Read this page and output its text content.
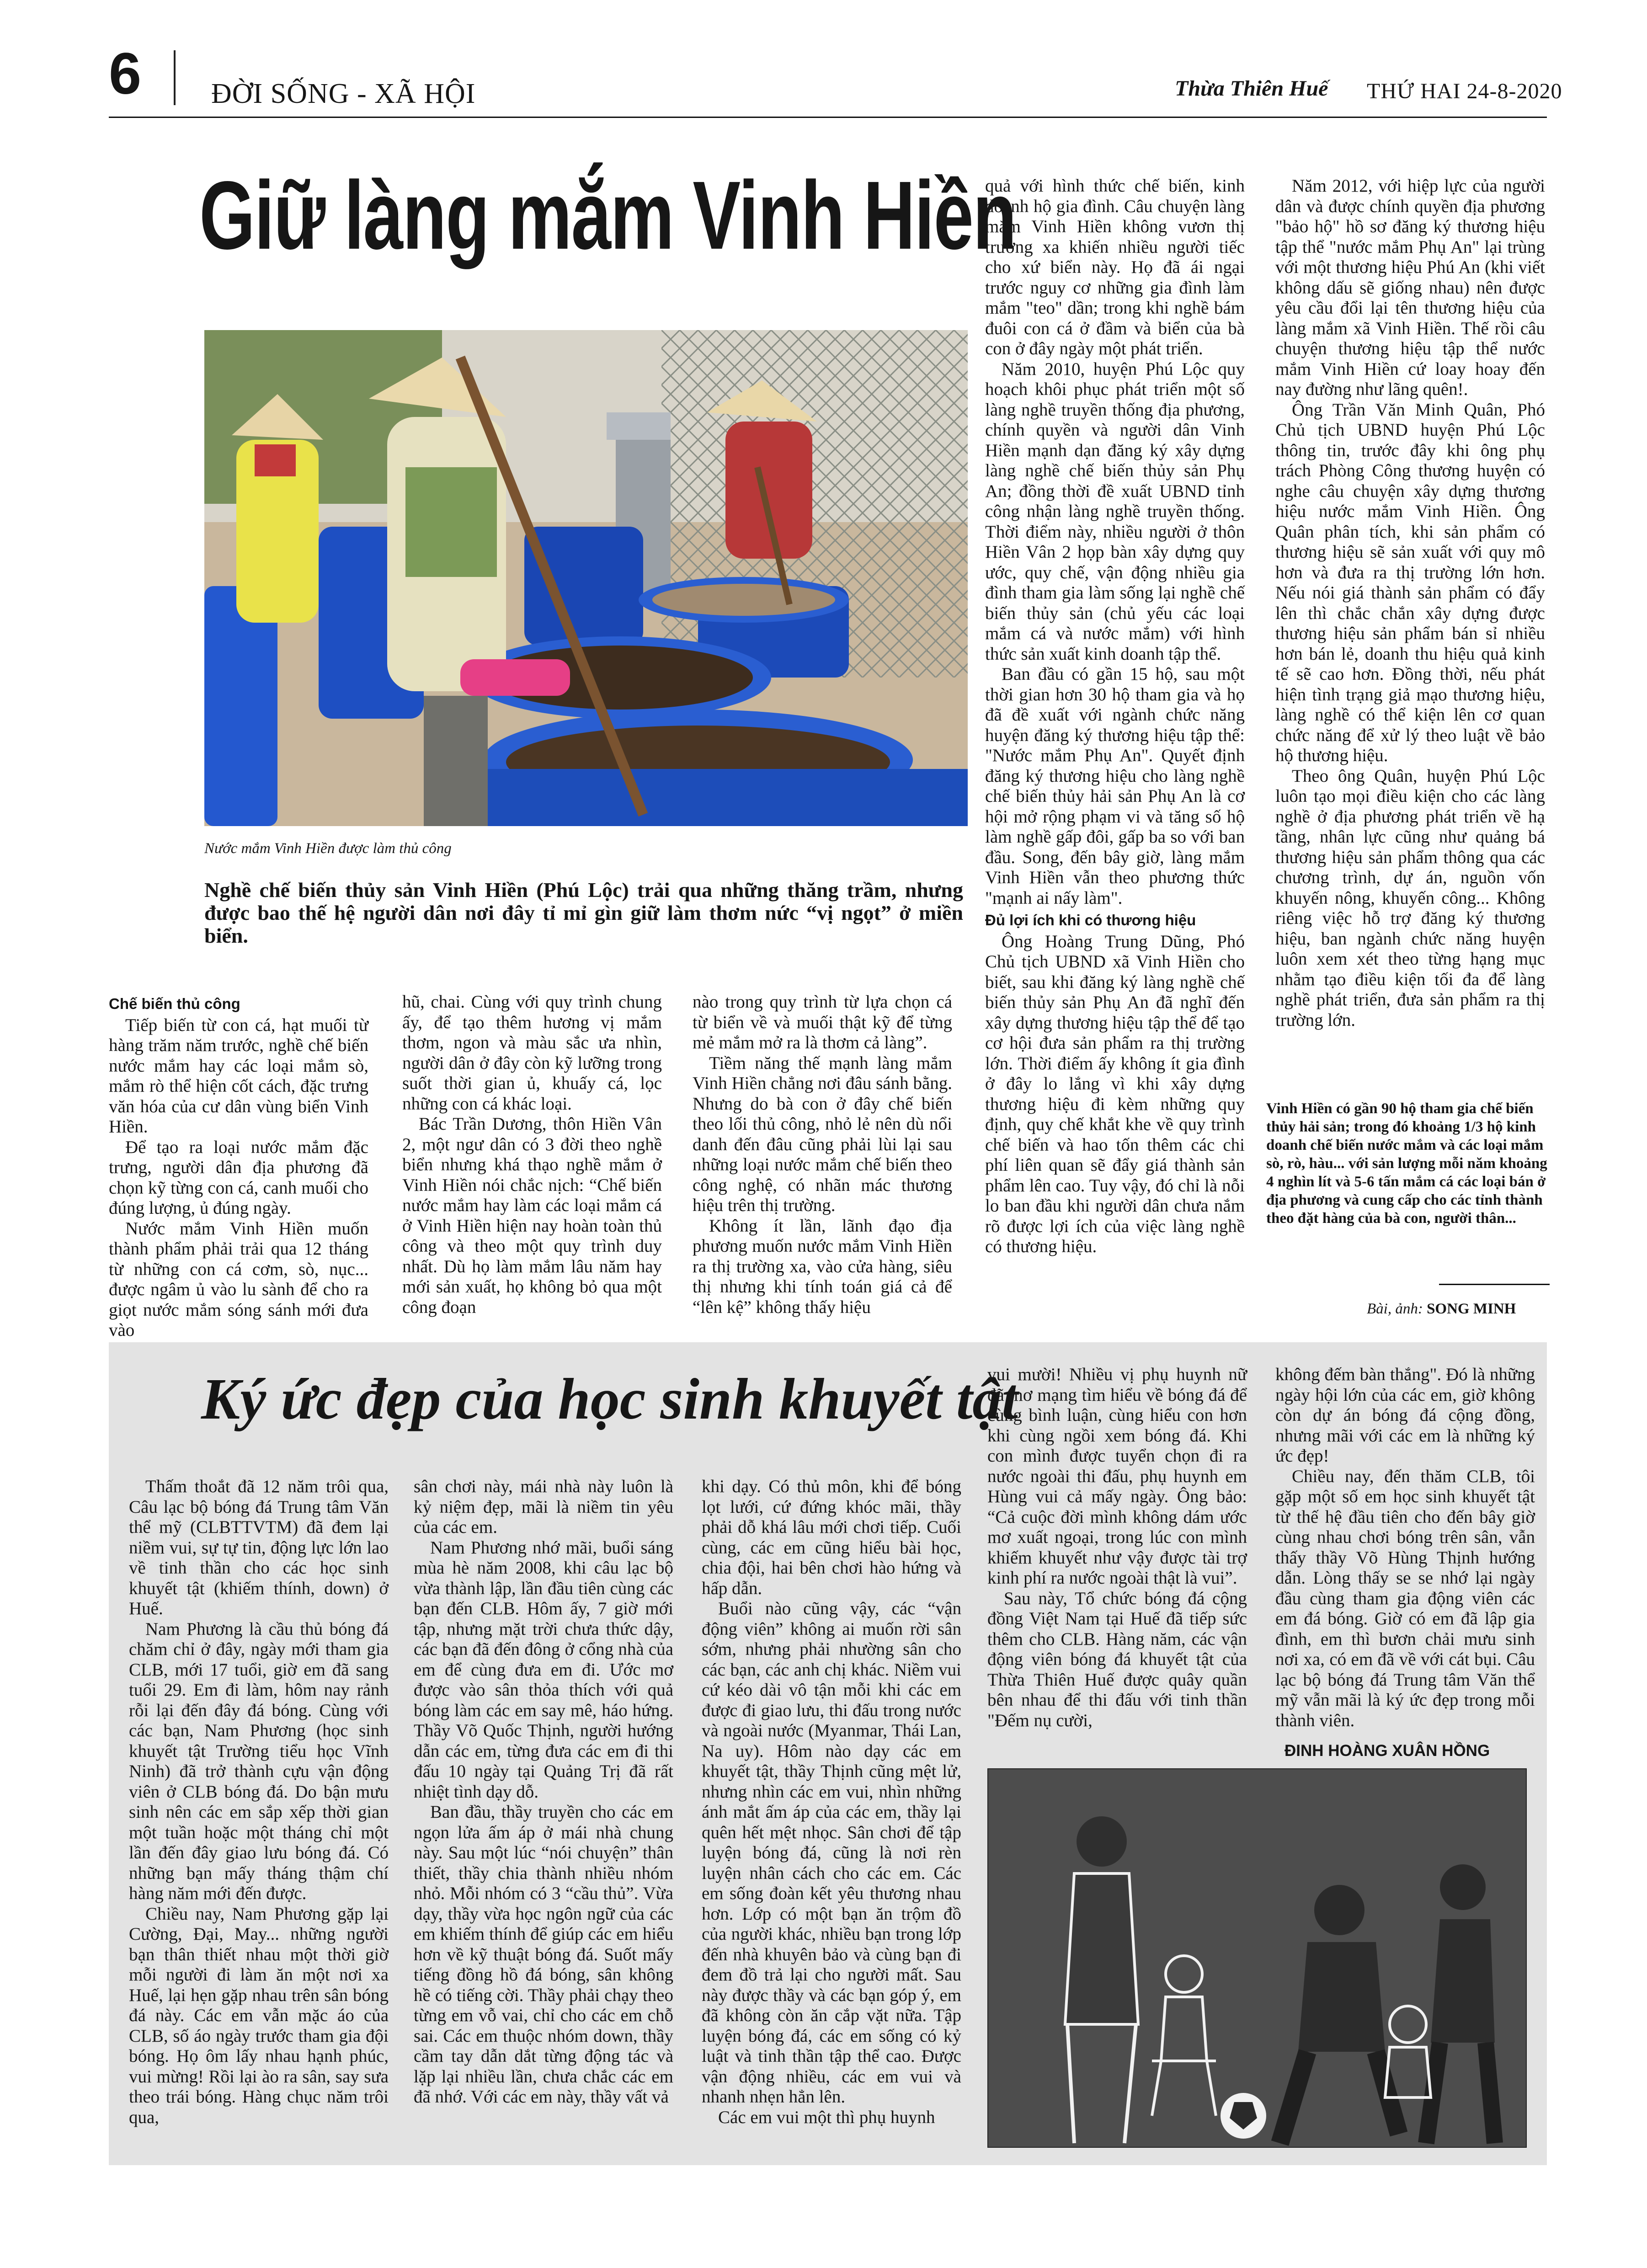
6 ĐỜI SỐNG - XÃ HỘI	Thừa Thiên Huế THỨ HAI 24-8-2020
Giữ làng mắm Vinh Hiền
Nước mắm Vinh Hiền được làm thủ công
Nghề chế biến thủy sản Vinh Hiền (Phú Lộc) trải qua những thăng trầm, nhưng được bao thế hệ người dân nơi đây tỉ mỉ gìn giữ làm thơm nức “vị ngọt” ở miền biển.

Chế biến thủ công

Tiếp biến từ con cá, hạt muối từ hàng trăm năm trước, nghề chế biến nước mắm hay các loại mắm sò, mắm rò thể hiện cốt cách, đặc trưng văn hóa của cư dân vùng biển Vinh Hiền.

Để tạo ra loại nước mắm đặc trưng, người dân địa phương đã chọn kỹ từng con cá, canh muối cho đúng lượng, ủ đúng ngày.

Nước mắm Vinh Hiền muốn thành phẩm phải trải qua 12 tháng từ những con cá cơm, sò, nục... được ngâm ủ vào lu sành để cho ra giọt nước mắm sóng sánh mới đưa vào

hũ, chai. Cùng với quy trình chung ấy, để tạo thêm hương vị mắm thơm, ngon và màu sắc ưa nhìn, người dân ở đây còn kỹ lưỡng trong suốt thời gian ủ, khuấy cá, lọc những con cá khác loại.

Bác Trần Dương, thôn Hiền Vân 2, một ngư dân có 3 đời theo nghề biển nhưng khá thạo nghề mắm ở Vinh Hiền nói chắc nịch: “Chế biến nước mắm hay làm các loại mắm cá ở Vinh Hiền hiện nay hoàn toàn thủ công và theo một quy trình duy nhất. Dù họ làm mắm lâu năm hay mới sản xuất, họ không bỏ qua một công đoạn

nào trong quy trình từ lựa chọn cá từ biển về và muối thật kỹ để từng mẻ mắm mở ra là thơm cả làng”.

Tiềm năng thế mạnh làng mắm Vinh Hiền chẳng nơi đâu sánh bằng. Nhưng do bà con ở đây chế biến theo lối thủ công, nhỏ lẻ nên dù nổi danh đến đâu cũng phải lùi lại sau những loại nước mắm chế biến theo công nghệ, có nhãn mác thương hiệu trên thị trường.

Không ít lần, lãnh đạo địa phương muốn nước mắm Vinh Hiền ra thị trường xa, vào cửa hàng, siêu thị nhưng khi tính toán giá cả để “lên kệ” không thấy hiệu

quả với hình thức chế biến, kinh doanh hộ gia đình. Câu chuyện làng mắm Vinh Hiền không vươn thị trường xa khiến nhiều người tiếc cho xứ biển này. Họ đã ái ngại trước nguy cơ những gia đình làm mắm "teo" dần; trong khi nghề bám đuôi con cá ở đầm và biển của bà con ở đây ngày một phát triển.

Năm 2010, huyện Phú Lộc quy hoạch khôi phục phát triển một số làng nghề truyền thống địa phương, chính quyền và người dân Vinh Hiền mạnh dạn đăng ký xây dựng làng nghề chế biến thủy sản Phụ An; đồng thời đề xuất UBND tỉnh công nhận làng nghề truyền thống. Thời điểm này, nhiều người ở thôn Hiền Vân 2 họp bàn xây dựng quy ước, quy chế, vận động nhiều gia đình tham gia làm sống lại nghề chế biến thủy sản (chủ yếu các loại mắm cá và nước mắm) với hình thức sản xuất kinh doanh tập thể.

Ban đầu có gần 15 hộ, sau một thời gian hơn 30 hộ tham gia và họ đã đề xuất với ngành chức năng huyện đăng ký thương hiệu tập thể: "Nước mắm Phụ An". Quyết định đăng ký thương hiệu cho làng nghề chế biến thủy hải sản Phụ An là cơ hội mở rộng phạm vi và tăng số hộ làm nghề gấp đôi, gấp ba so với ban đầu. Song, đến bây giờ, làng mắm Vinh Hiền vẫn theo phương thức "mạnh ai nấy làm".

Đủ lợi ích khi có thương hiệu

Ông Hoàng Trung Dũng, Phó Chủ tịch UBND xã Vinh Hiền cho biết, sau khi đăng ký làng nghề chế biến thủy sản Phụ An đã nghĩ đến xây dựng thương hiệu tập thể để tạo cơ hội đưa sản phẩm ra thị trường lớn. Thời điểm ấy không ít gia đình ở đây lo lắng vì khi xây dựng thương hiệu đi kèm những quy định, quy chế khắt khe về quy trình chế biến và hao tốn thêm các chi phí liên quan sẽ đẩy giá thành sản phẩm lên cao. Tuy vậy, đó chỉ là nỗi lo ban đầu khi người dân chưa nắm rõ được lợi ích của việc làng nghề có thương hiệu.

Năm 2012, với hiệp lực của người dân và được chính quyền địa phương "bảo hộ" hồ sơ đăng ký thương hiệu tập thể "nước mắm Phụ An" lại trùng với một thương hiệu Phú An (khi viết không dấu sẽ giống nhau) nên được yêu cầu đổi lại tên thương hiệu của làng mắm xã Vinh Hiền. Thế rồi câu chuyện thương hiệu tập thể nước mắm Vinh Hiền cứ loay hoay đến nay đường như lãng quên!.

Ông Trần Văn Minh Quân, Phó Chủ tịch UBND huyện Phú Lộc thông tin, trước đây khi ông phụ trách Phòng Công thương huyện có nghe câu chuyện xây dựng thương hiệu nước mắm Vinh Hiền. Ông Quân phân tích, khi sản phẩm có thương hiệu sẽ sản xuất với quy mô hơn và đưa ra thị trường lớn hơn. Nếu nói giá thành sản phẩm có đẩy lên thì chắc chắn xây dựng được thương hiệu sản phẩm bán sỉ nhiều hơn bán lẻ, doanh thu hiệu quả kinh tế sẽ cao hơn. Đồng thời, nếu phát hiện tình trạng giả mạo thương hiệu, làng nghề có thể kiện lên cơ quan chức năng để xử lý theo luật về bảo hộ thương hiệu.

Theo ông Quân, huyện Phú Lộc luôn tạo mọi điều kiện cho các làng nghề ở địa phương phát triển về hạ tầng, nhân lực cũng như quảng bá thương hiệu sản phẩm thông qua các chương trình, dự án, nguồn vốn khuyến nông, khuyến công... Không riêng việc hỗ trợ đăng ký thương hiệu, ban ngành chức năng huyện luôn xem xét theo từng hạng mục nhằm tạo điều kiện tối đa để làng nghề phát triển, đưa sản phẩm ra thị trường lớn.

Vinh Hiền có gần 90 hộ tham gia chế biến thủy hải sản; trong đó khoảng 1/3 hộ kinh doanh chế biến nước mắm và các loại mắm sò, rò, hàu... với sản lượng mỗi năm khoảng 4 nghìn lít và 5-6 tấn mắm cá các loại bán ở địa phương và cung cấp cho các tỉnh thành theo đặt hàng của bà con, người thân...
Bài, ảnh: SONG MINH
Ký ức đẹp của học sinh khuyết tật

Thấm thoắt đã 12 năm trôi qua, Câu lạc bộ bóng đá Trung tâm Văn thể mỹ (CLBTTVTM) đã đem lại niềm vui, sự tự tin, động lực lớn lao về tinh thần cho các học sinh khuyết tật (khiếm thính, down) ở Huế.

Nam Phương là cầu thủ bóng đá chăm chỉ ở đây, ngày mới tham gia CLB, mới 17 tuổi, giờ em đã sang tuổi 29. Em đi làm, hôm nay rảnh rỗi lại đến đây đá bóng. Cùng với các bạn, Nam Phương (học sinh khuyết tật Trường tiểu học Vĩnh Ninh) đã trở thành cựu vận động viên ở CLB bóng đá. Do bận mưu sinh nên các em sắp xếp thời gian một tuần hoặc một tháng chỉ một lần đến đây giao lưu bóng đá. Có những bạn mấy tháng thậm chí hàng năm mới đến được.

Chiều nay, Nam Phương gặp lại Cường, Đại, May... những người bạn thân thiết nhau một thời giờ mỗi người đi làm ăn một nơi xa Huế, lại hẹn gặp nhau trên sân bóng đá này. Các em vẫn mặc áo của CLB, số áo ngày trước tham gia đội bóng. Họ ôm lấy nhau hạnh phúc, vui mừng! Rồi lại ào ra sân, say sưa theo trái bóng. Hàng chục năm trôi qua,

sân chơi này, mái nhà này luôn là kỷ niệm đẹp, mãi là niềm tin yêu của các em.

Nam Phương nhớ mãi, buổi sáng mùa hè năm 2008, khi câu lạc bộ vừa thành lập, lần đầu tiên cùng các bạn đến CLB. Hôm ấy, 7 giờ mới tập, nhưng mặt trời chưa thức dậy, các bạn đã đến đông ở cổng nhà của em để cùng đưa em đi. Ước mơ được vào sân thỏa thích với quả bóng làm các em say mê, háo hứng. Thầy Võ Quốc Thịnh, người hướng dẫn các em, từng đưa các em đi thi đấu 10 ngày tại Quảng Trị đã rất nhiệt tình dạy dỗ.

Ban đầu, thầy truyền cho các em ngọn lửa ấm áp ở mái nhà chung này. Sau một lúc “nói chuyện” thân thiết, thầy chia thành nhiều nhóm nhỏ. Mỗi nhóm có 3 “cầu thủ”. Vừa dạy, thầy vừa học ngôn ngữ của các em khiếm thính để giúp các em hiểu hơn về kỹ thuật bóng đá. Suốt mấy tiếng đồng hồ đá bóng, sân không hề có tiếng cời. Thầy phải chạy theo từng em vỗ vai, chỉ cho các em chỗ sai. Các em thuộc nhóm down, thầy cầm tay dẫn dắt từng động tác và lặp lại nhiều lần, chưa chắc các em đã nhớ. Với các em này, thầy vất vả

khi dạy. Có thủ môn, khi để bóng lọt lưới, cứ đứng khóc mãi, thầy phải dỗ khá lâu mới chơi tiếp. Cuối cùng, các em cũng hiểu bài học, chia đội, hai bên chơi hào hứng và hấp dẫn.

Buổi nào cũng vậy, các “vận động viên” không ai muốn rời sân sớm, nhưng phải nhường sân cho các bạn, các anh chị khác. Niềm vui cứ kéo dài vô tận mỗi khi các em được đi giao lưu, thi đấu trong nước và ngoài nước (Myanmar, Thái Lan, Na uy). Hôm nào dạy các em khuyết tật, thầy Thịnh cũng mệt lử, nhưng nhìn các em vui, nhìn những ánh mắt ấm áp của các em, thầy lại quên hết mệt nhọc. Sân chơi để tập luyện bóng đá, cũng là nơi rèn luyện nhân cách cho các em. Các em sống đoàn kết yêu thương nhau hơn. Lớp có một bạn ăn trộm đồ của người khác, nhiều bạn trong lớp đến nhà khuyên bảo và cùng bạn đi đem đồ trả lại cho người mất. Sau này được thầy và các bạn góp ý, em đã không còn ăn cắp vặt nữa. Tập luyện bóng đá, các em sống có kỷ luật và tinh thần tập thể cao. Được vận động nhiều, các em vui và nhanh nhẹn hẳn lên.

Các em vui một thì phụ huynh

vui mười! Nhiều vị phụ huynh nữ đã mơ mạng tìm hiểu về bóng đá để cùng bình luận, cùng hiểu con hơn khi cùng ngồi xem bóng đá. Khi con mình được tuyển chọn đi ra nước ngoài thi đấu, phụ huynh em Hùng vui cả mấy ngày. Ông bảo: “Cả cuộc đời mình không dám ước mơ xuất ngoại, trong lúc con mình khiếm khuyết như vậy được tài trợ kinh phí ra nước ngoài thật là vui”.

Sau này, Tổ chức bóng đá cộng đồng Việt Nam tại Huế đã tiếp sức thêm cho CLB. Hàng năm, các vận động viên bóng đá khuyết tật của Thừa Thiên Huế được quây quần bên nhau để thi đấu với tinh thần "Đếm nụ cười,

không đếm bàn thắng". Đó là những ngày hội lớn của các em, giờ không còn dự án bóng đá cộng đồng, nhưng mãi với các em là những ký ức đẹp!

Chiều nay, đến thăm CLB, tôi gặp một số em học sinh khuyết tật từ thế hệ đầu tiên cho đến bây giờ cùng nhau chơi bóng trên sân, vẫn thấy thầy Võ Hùng Thịnh hướng dẫn. Lòng thấy se se nhớ lại ngày đầu cùng tham gia động viên các em đá bóng. Giờ có em đã lập gia đình, em thì bươn chải mưu sinh nơi xa, có em đã về với cát bụi. Câu lạc bộ bóng đá Trung tâm Văn thể mỹ vẫn mãi là ký ức đẹp trong mỗi thành viên.

ĐINH HOÀNG XUÂN HỒNG
